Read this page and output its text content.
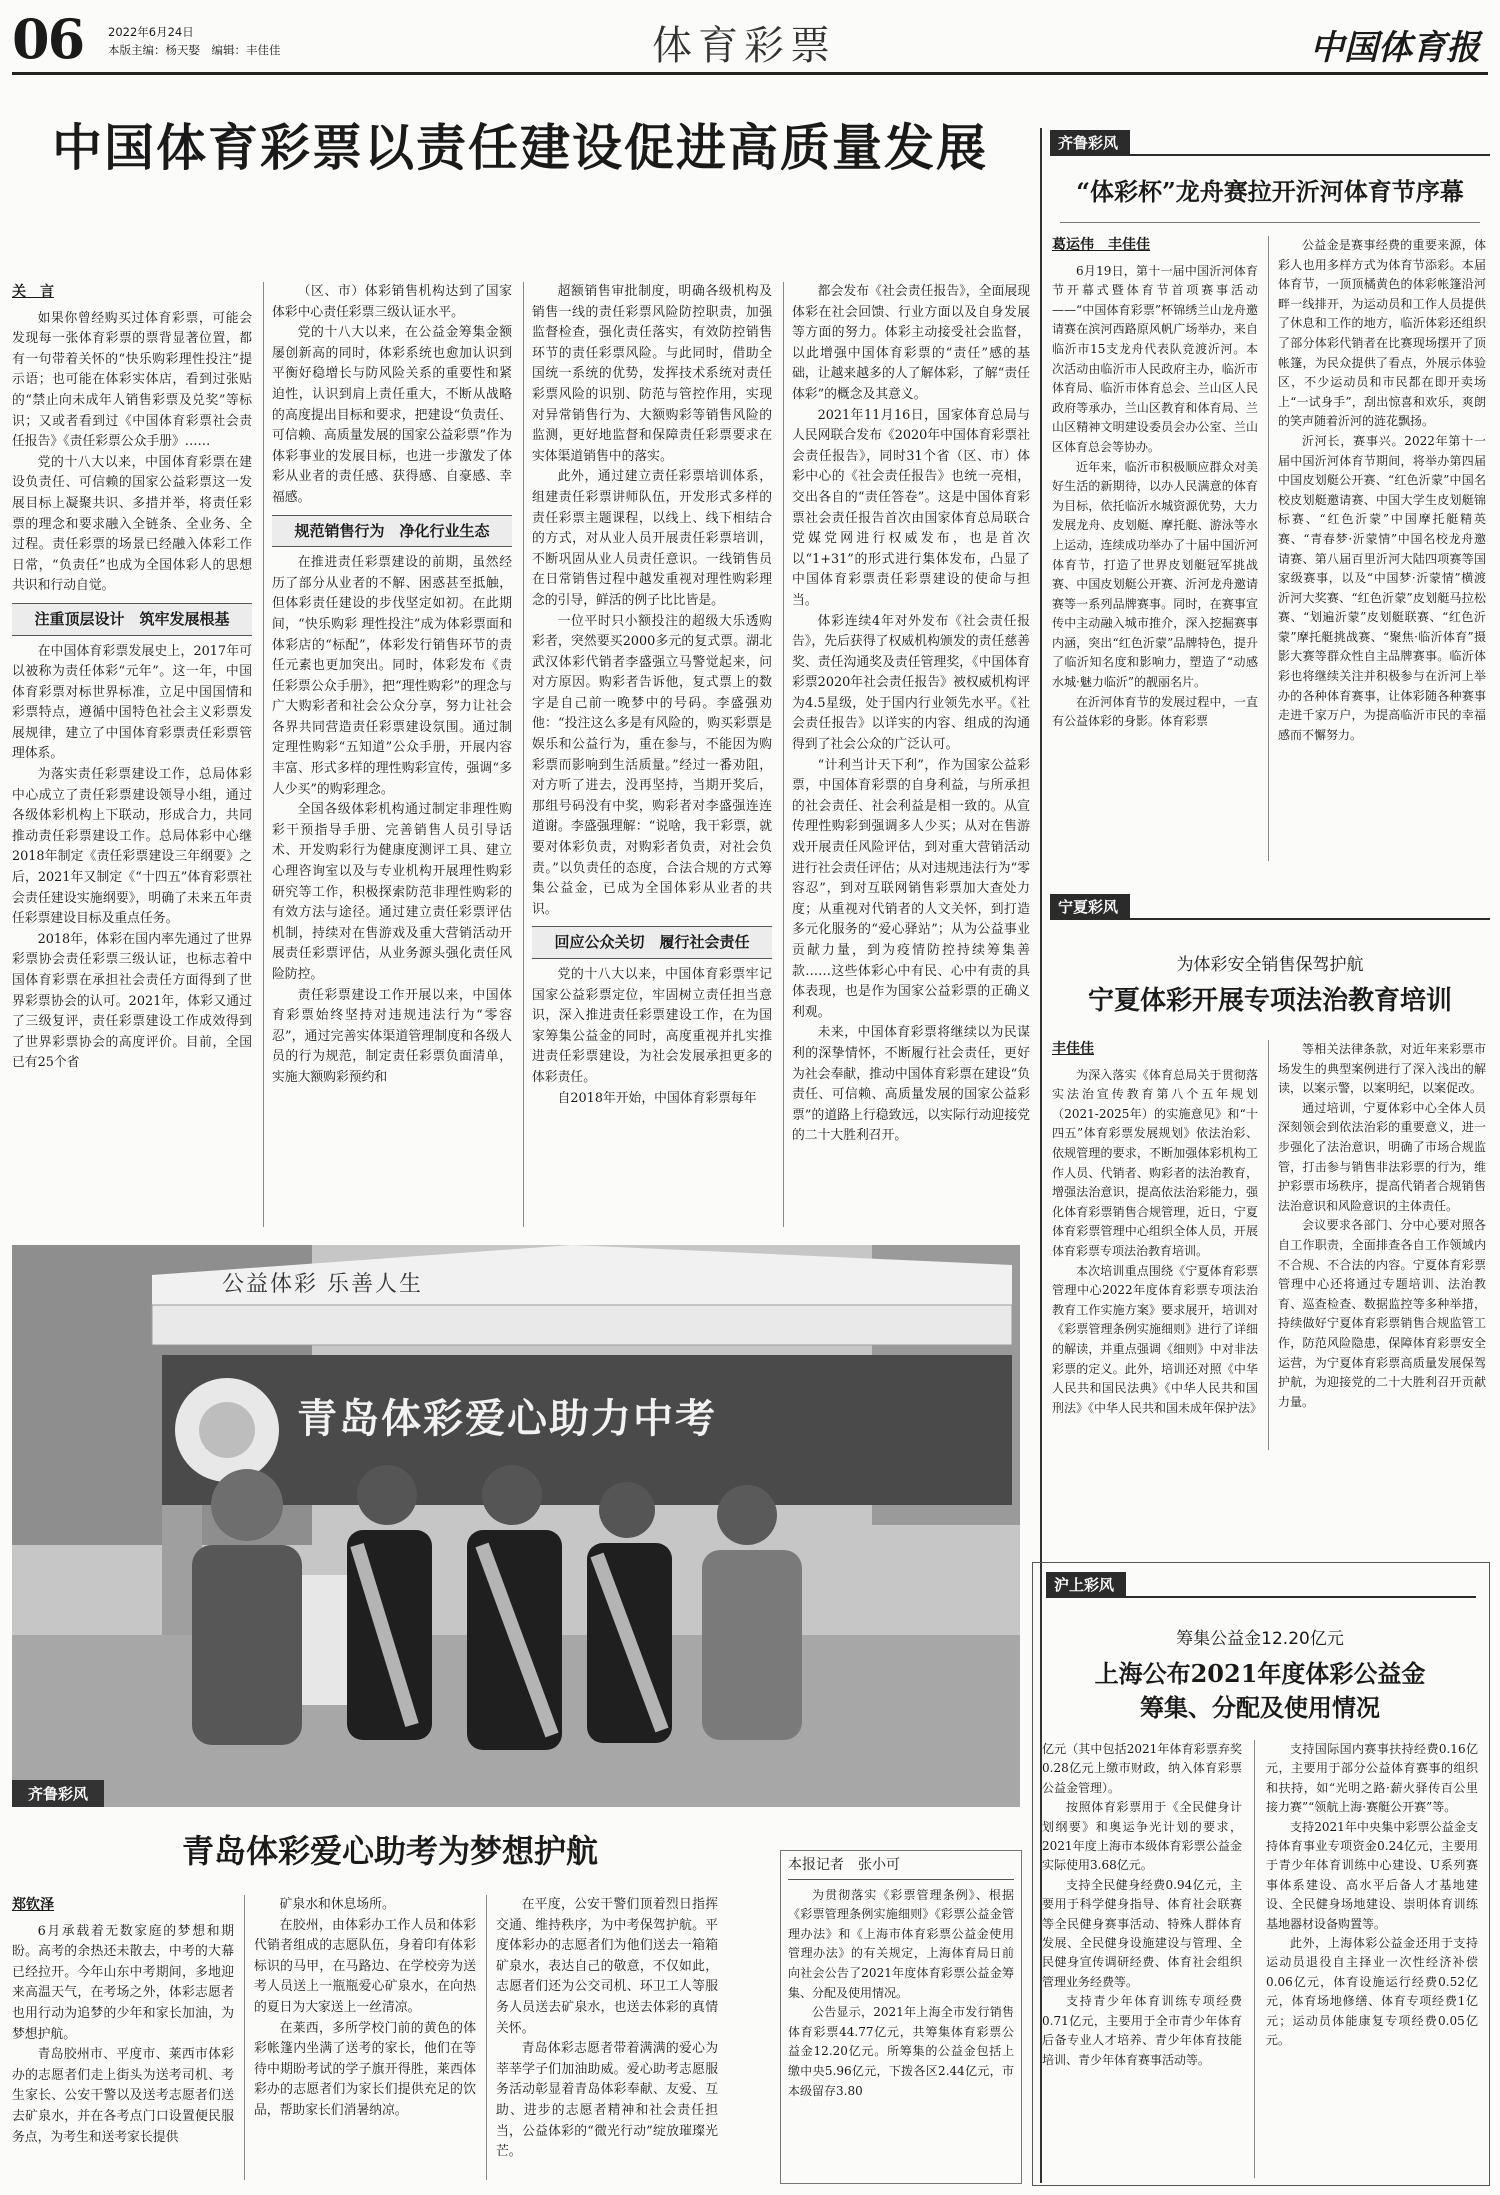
06 2022年6月24日
本版主编：杨天娶　编辑：丰佳佳	体育彩票	中国体育报
中国体育彩票以责任建设促进高质量发展
关　言

如果你曾经购买过体育彩票，可能会发现每一张体育彩票的票背显著位置，都有一句带着关怀的“快乐购彩理性投注”提示语；也可能在体彩实体店，看到过张贴的“禁止向未成年人销售彩票及兑奖”等标识；又或者看到过《中国体育彩票社会责任报告》《责任彩票公众手册》……

党的十八大以来，中国体育彩票在建设负责任、可信赖的国家公益彩票这一发展目标上凝聚共识、多措并举，将责任彩票的理念和要求融入全链条、全业务、全过程。责任彩票的场景已经融入体彩工作日常，“负责任”也成为全国体彩人的思想共识和行动自觉。

注重顶层设计　筑牢发展根基

在中国体育彩票发展史上，2017年可以被称为责任体彩“元年”。这一年，中国体育彩票对标世界标准，立足中国国情和彩票特点，遵循中国特色社会主义彩票发展规律，建立了中国体育彩票责任彩票管理体系。

为落实责任彩票建设工作，总局体彩中心成立了责任彩票建设领导小组，通过各级体彩机构上下联动，形成合力，共同推动责任彩票建设工作。总局体彩中心继2018年制定《责任彩票建设三年纲要》之后，2021年又制定《“十四五”体育彩票社会责任建设实施纲要》，明确了未来五年责任彩票建设目标及重点任务。

2018年，体彩在国内率先通过了世界彩票协会责任彩票三级认证，也标志着中国体育彩票在承担社会责任方面得到了世界彩票协会的认可。2021年，体彩又通过了三级复评，责任彩票建设工作成效得到了世界彩票协会的高度评价。目前，全国已有25个省

（区、市）体彩销售机构达到了国家体彩中心责任彩票三级认证水平。

党的十八大以来，在公益金筹集金额屡创新高的同时，体彩系统也愈加认识到平衡好稳增长与防风险关系的重要性和紧迫性，认识到肩上责任重大，不断从战略的高度提出目标和要求，把建设“负责任、可信赖、高质量发展的国家公益彩票”作为体彩事业的发展目标，也进一步激发了体彩从业者的责任感、获得感、自豪感、幸福感。

规范销售行为　净化行业生态

在推进责任彩票建设的前期，虽然经历了部分从业者的不解、困惑甚至抵触，但体彩责任建设的步伐坚定如初。在此期间，“快乐购彩 理性投注”成为体彩票面和体彩店的“标配”，体彩发行销售环节的责任元素也更加突出。同时，体彩发布《责任彩票公众手册》，把“理性购彩”的理念与广大购彩者和社会公众分享，努力让社会各界共同营造责任彩票建设氛围。通过制定理性购彩“五知道”公众手册，开展内容丰富、形式多样的理性购彩宣传，强调“多人少买”的购彩理念。

全国各级体彩机构通过制定非理性购彩干预指导手册、完善销售人员引导话术、开发购彩行为健康度测评工具、建立心理咨询室以及与专业机构开展理性购彩研究等工作，积极探索防范非理性购彩的有效方法与途径。通过建立责任彩票评估机制，持续对在售游戏及重大营销活动开展责任彩票评估，从业务源头强化责任风险防控。

责任彩票建设工作开展以来，中国体育彩票始终坚持对违规违法行为“零容忍”，通过完善实体渠道管理制度和各级人员的行为规范，制定责任彩票负面清单，实施大额购彩预约和

超额销售审批制度，明确各级机构及销售一线的责任彩票风险防控职责，加强监督检查，强化责任落实，有效防控销售环节的责任彩票风险。与此同时，借助全国统一系统的优势，发挥技术系统对责任彩票风险的识别、防范与管控作用，实现对异常销售行为、大额购彩等销售风险的监测，更好地监督和保障责任彩票要求在实体渠道销售中的落实。

此外，通过建立责任彩票培训体系，组建责任彩票讲师队伍，开发形式多样的责任彩票主题课程，以线上、线下相结合的方式，对从业人员开展责任彩票培训，不断巩固从业人员责任意识。一线销售员在日常销售过程中越发重视对理性购彩理念的引导，鲜活的例子比比皆是。

一位平时只小额投注的超级大乐透购彩者，突然要买2000多元的复式票。湖北武汉体彩代销者李盛强立马警觉起来，问对方原因。购彩者告诉他，复式票上的数字是自己前一晚梦中的号码。李盛强劝他：“投注这么多是有风险的，购买彩票是娱乐和公益行为，重在参与，不能因为购彩票而影响到生活质量。”经过一番劝阻，对方听了进去，没再坚持，当期开奖后，那组号码没有中奖，购彩者对李盛强连连道谢。李盛强理解：“说啥，我干彩票，就要对体彩负责，对购彩者负责，对社会负责。”以负责任的态度，合法合规的方式筹集公益金，已成为全国体彩从业者的共识。

回应公众关切　履行社会责任

党的十八大以来，中国体育彩票牢记国家公益彩票定位，牢固树立责任担当意识，深入推进责任彩票建设工作，在为国家筹集公益金的同时，高度重视并扎实推进责任彩票建设，为社会发展承担更多的体彩责任。

自2018年开始，中国体育彩票每年

都会发布《社会责任报告》，全面展现体彩在社会回馈、行业方面以及自身发展等方面的努力。体彩主动接受社会监督，以此增强中国体育彩票的“责任”感的基础，让越来越多的人了解体彩，了解“责任体彩”的概念及其意义。

2021年11月16日，国家体育总局与人民网联合发布《2020年中国体育彩票社会责任报告》，同时31个省（区、市）体彩中心的《社会责任报告》也统一亮相，交出各自的“责任答卷”。这是中国体育彩票社会责任报告首次由国家体育总局联合党媒党网进行权威发布，也是首次以“1+31”的形式进行集体发布，凸显了中国体育彩票责任彩票建设的使命与担当。

体彩连续4年对外发布《社会责任报告》，先后获得了权威机构颁发的责任慈善奖、责任沟通奖及责任管理奖，《中国体育彩票2020年社会责任报告》被权威机构评为4.5星级，处于国内行业领先水平。《社会责任报告》以详实的内容、组成的沟通得到了社会公众的广泛认可。

“计利当计天下利”，作为国家公益彩票，中国体育彩票的自身利益，与所承担的社会责任、社会利益是相一致的。从宣传理性购彩到强调多人少买；从对在售游戏开展责任风险评估，到对重大营销活动进行社会责任评估；从对违规违法行为“零容忍”，到对互联网销售彩票加大查处力度；从重视对代销者的人文关怀，到打造多元化服务的“爱心驿站”；从为公益事业贡献力量，到为疫情防控持续筹集善款……这些体彩心中有民、心中有责的具体表现，也是作为国家公益彩票的正确义利观。

未来，中国体育彩票将继续以为民谋利的深挚情怀，不断履行社会责任，更好为社会奉献，推动中国体育彩票在建设“负责任、可信赖、高质量发展的国家公益彩票”的道路上行稳致远，以实际行动迎接党的二十大胜利召开。

公益体彩 乐善人生
青岛体彩爱心助力中考
齐鲁彩风
青岛体彩爱心助考为梦想护航
郑钦泽

6月承载着无数家庭的梦想和期盼。高考的余热还未散去，中考的大幕已经拉开。今年山东中考期间，多地迎来高温天气，在考场之外，体彩志愿者也用行动为追梦的少年和家长加油，为梦想护航。

青岛胶州市、平度市、莱西市体彩办的志愿者们走上街头为送考司机、考生家长、公安干警以及送考志愿者们送去矿泉水，并在各考点门口设置便民服务点，为考生和送考家长提供

矿泉水和休息场所。

在胶州，由体彩办工作人员和体彩代销者组成的志愿队伍，身着印有体彩标识的马甲，在马路边、在学校旁为送考人员送上一瓶瓶爱心矿泉水，在向热的夏日为大家送上一丝清凉。

在莱西，多所学校门前的黄色的体彩帐篷内坐满了送考的家长，他们在等待中期盼考试的学子旗开得胜，莱西体彩办的志愿者们为家长们提供充足的饮品，帮助家长们消暑纳凉。

在平度，公安干警们顶着烈日指挥交通、维持秩序，为中考保驾护航。平度体彩办的志愿者们为他们送去一箱箱矿泉水，表达自己的敬意，不仅如此，志愿者们还为公交司机、环卫工人等服务人员送去矿泉水，也送去体彩的真情关怀。

青岛体彩志愿者带着满满的爱心为莘莘学子们加油助威。爱心助考志愿服务活动彰显着青岛体彩奉献、友爱、互助、进步的志愿者精神和社会责任担当，公益体彩的“微光行动”绽放璀璨光芒。

齐鲁彩风
“体彩杯”龙舟赛拉开沂河体育节序幕
葛运伟　丰佳佳

6月19日，第十一届中国沂河体育节开幕式暨体育节首项赛事活动——“中国体育彩票”杯锦绣兰山龙舟邀请赛在滨河西路原风帆广场举办，来自临沂市15支龙舟代表队竞渡沂河。本次活动由临沂市人民政府主办，临沂市体育局、临沂市体育总会、兰山区人民政府等承办，兰山区教育和体育局、兰山区精神文明建设委员会办公室、兰山区体育总会等协办。

近年来，临沂市积极顺应群众对美好生活的新期待，以办人民满意的体育为目标，依托临沂水城资源优势，大力发展龙舟、皮划艇、摩托艇、游泳等水上运动，连续成功举办了十届中国沂河体育节，打造了世界皮划艇冠军挑战赛、中国皮划艇公开赛、沂河龙舟邀请赛等一系列品牌赛事。同时，在赛事宣传中主动融入城市推介，深入挖掘赛事内涵，突出“红色沂蒙”品牌特色，提升了临沂知名度和影响力，塑造了“动感水城·魅力临沂”的靓丽名片。

在沂河体育节的发展过程中，一直有公益体彩的身影。体育彩票

公益金是赛事经费的重要来源，体彩人也用多样方式为体育节添彩。本届体育节，一顶顶橘黄色的体彩帐篷沿河畔一线排开，为运动员和工作人员提供了休息和工作的地方，临沂体彩还组织了部分体彩代销者在比赛现场摆开了顶帐篷，为民众提供了看点，外展示体验区，不少运动员和市民都在即开卖场上“一试身手”，刮出惊喜和欢乐，爽朗的笑声随着沂河的涟花飘扬。

沂河长，赛事兴。2022年第十一届中国沂河体育节期间，将举办第四届中国皮划艇公开赛、“红色沂蒙”中国名校皮划艇邀请赛、中国大学生皮划艇锦标赛、“红色沂蒙”中国摩托艇精英赛、“青春梦·沂蒙情”中国名校龙舟邀请赛、第八届百里沂河大陆四项赛等国家级赛事，以及“中国梦·沂蒙情”横渡沂河大奖赛、“红色沂蒙”皮划艇马拉松赛、“划遍沂蒙”皮划艇联赛、“红色沂蒙”摩托艇挑战赛、“聚焦·临沂体育”摄影大赛等群众性自主品牌赛事。临沂体彩也将继续关注并积极参与在沂河上举办的各种体育赛事，让体彩随各种赛事走进千家万户，为提高临沂市民的幸福感而不懈努力。

宁夏彩风
为体彩安全销售保驾护航
宁夏体彩开展专项法治教育培训
丰佳佳

为深入落实《体育总局关于贯彻落实法治宣传教育第八个五年规划（2021-2025年）的实施意见》和“十四五”体育彩票发展规划》依法治彩、依规管理的要求，不断加强体彩机构工作人员、代销者、购彩者的法治教育，增强法治意识，提高依法治彩能力，强化体育彩票销售合规管理，近日，宁夏体育彩票管理中心组织全体人员，开展体育彩票专项法治教育培训。

本次培训重点围绕《宁夏体育彩票管理中心2022年度体育彩票专项法治教育工作实施方案》要求展开，培训对《彩票管理条例实施细则》进行了详细的解读，并重点强调《细则》中对非法彩票的定义。此外，培训还对照《中华人民共和国民法典》《中华人民共和国刑法》《中华人民共和国未成年保护法》

等相关法律条款，对近年来彩票市场发生的典型案例进行了深入浅出的解读，以案示警，以案明纪，以案促改。

通过培训，宁夏体彩中心全体人员深刻领会到依法治彩的重要意义，进一步强化了法治意识，明确了市场合规监管，打击参与销售非法彩票的行为，维护彩票市场秩序，提高代销者合规销售法治意识和风险意识的主体责任。

会议要求各部门、分中心要对照各自工作职责，全面排查各自工作领域内不合规、不合法的内容。宁夏体育彩票管理中心还将通过专题培训、法治教育、巡查检查、数据监控等多种举措，持续做好宁夏体育彩票销售合规监管工作，防范风险隐患，保障体育彩票安全运营，为宁夏体育彩票高质量发展保驾护航，为迎接党的二十大胜利召开贡献力量。

沪上彩风
筹集公益金12.20亿元
上海公布2021年度体彩公益金
筹集、分配及使用情况
本报记者　张小可

为贯彻落实《彩票管理条例》、根据《彩票管理条例实施细则》《彩票公益金管理办法》和《上海市体育彩票公益金使用管理办法》的有关规定，上海体育局日前向社会公告了2021年度体育彩票公益金筹集、分配及使用情况。

公告显示，2021年上海全市发行销售体育彩票44.77亿元，共筹集体育彩票公益金12.20亿元。所筹集的公益金包括上缴中央5.96亿元，下拨各区2.44亿元，市本级留存3.80

亿元（其中包括2021年体育彩票弃奖0.28亿元上缴市财政，纳入体育彩票公益金管理）。

按照体育彩票用于《全民健身计划纲要》和奥运争光计划的要求，2021年度上海市本级体育彩票公益金实际使用3.68亿元。

支持全民健身经费0.94亿元，主要用于科学健身指导、体育社会联赛等全民健身赛事活动、特殊人群体育发展、全民健身设施建设与管理、全民健身宣传调研经费、体育社会组织管理业务经费等。

支持青少年体育训练专项经费0.71亿元，主要用于全市青少年体育后备专业人才培养、青少年体育技能培训、青少年体育赛事活动等。

支持国际国内赛事扶持经费0.16亿元，主要用于部分公益体育赛事的组织和扶持，如“光明之路·薪火驿传百公里接力赛”“领航上海·赛艇公开赛”等。

支持2021年中央集中彩票公益金支持体育事业专项资金0.24亿元，主要用于青少年体育训练中心建设、U系列赛事体系建设、高水平后备人才基地建设、全民健身场地建设、崇明体育训练基地器材设备购置等。

此外，上海体彩公益金还用于支持运动员退役自主择业一次性经济补偿0.06亿元，体育设施运行经费0.52亿元，体育场地修缮、体育专项经费1亿元；运动员体能康复专项经费0.05亿元。
